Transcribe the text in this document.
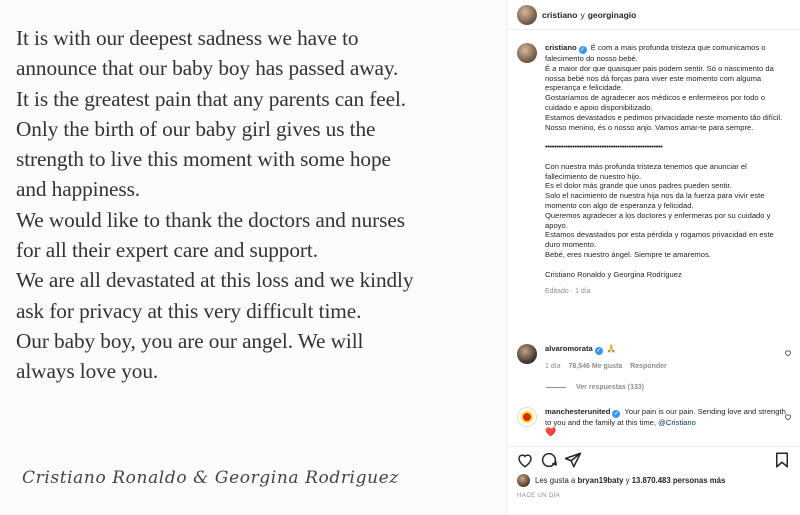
It is with our deepest sadness we have to

announce that our baby boy has passed away.

It is the greatest pain that any parents can feel.

Only the birth of our baby girl gives us the

strength to live this moment with some hope

and happiness.

We would like to thank the doctors and nurses

for all their expert care and support.

We are all devastated at this loss and we kindly

ask for privacy at this very difficult time.

Our baby boy, you are our angel. We will

always love you.

Cristiano Ronaldo & Georgina Rodriguez
cristiano y georginagio
cristiano ✓ É com a mais profunda tristeza que comunicamos o falecimento do nosso bebé.
É a maior dor que quaisquer pais podem sentir. Só o nascimento da nossa bebé nos dá forças para viver este momento com alguma esperança e felicidade.
Gostaríamos de agradecer aos médicos e enfermeiros por todo o cuidado e apoio disponibilizado.
Estamos devastados e pedimos privacidade neste momento tão difícil.
Nosso menino, és o nosso anjo. Vamos amar-te para sempre.
••••••••••••••••••••••••••••••••••••••••••••••••••••
Con nuestra más profunda tristeza tenemos que anunciar el fallecimiento de nuestro hijo.
Es el dolor más grande que unos padres pueden sentir.
Solo el nacimiento de nuestra hija nos da la fuerza para vivir este momento con algo de esperanza y felicidad.
Queremos agradecer a los doctores y enfermeras por su cuidado y apoyo.
Estamos devastados por esta pérdida y rogamos privacidad en este duro momento.
Bebé, eres nuestro ángel. Siempre te amaremos.
Cristiano Ronaldo y Georgina Rodríguez
Editado · 1 día
alvaromorata ✓ 🙏
1 día 78,546 Me gusta Responder
Ver respuestas (133)
manchesterunited ✓ Your pain is our pain. Sending love and strength to you and the family at this time, @Cristiano
❤️
Les gusta a
bryan19baty
y
13.870.483 personas más
HACE UN DÍA
